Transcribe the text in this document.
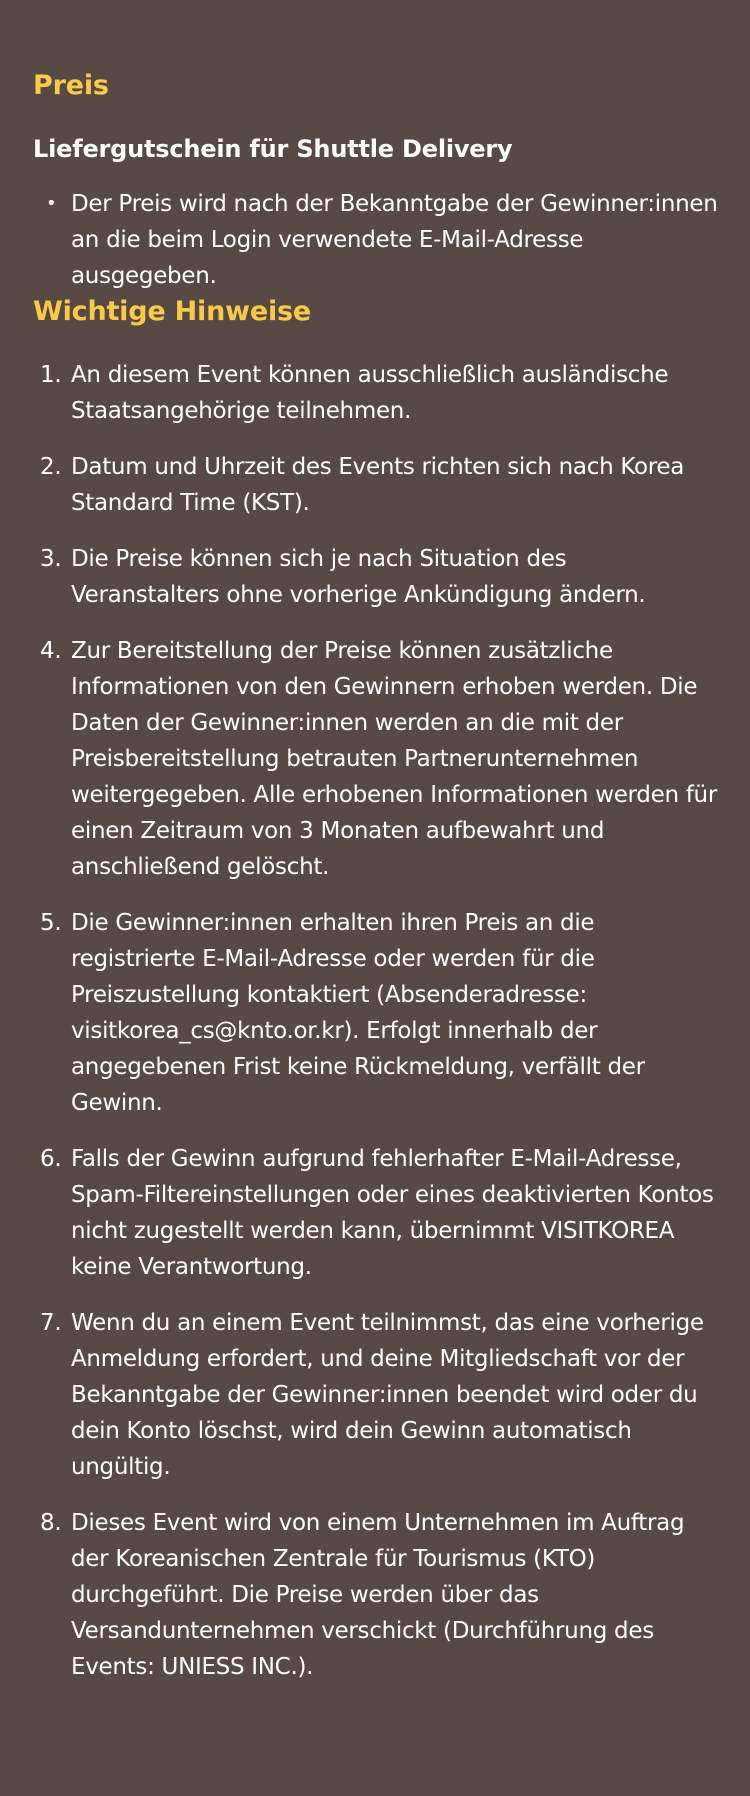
Preis
Liefergutschein für Shuttle Delivery
• Der Preis wird nach der Bekanntgabe der Gewinner:innen an die beim Login verwendete E-Mail-Adresse ausgegeben.
Wichtige Hinweise
1. An diesem Event können ausschließlich ausländische Staatsangehörige teilnehmen.
2. Datum und Uhrzeit des Events richten sich nach Korea Standard Time (KST).
3. Die Preise können sich je nach Situation des Veranstalters ohne vorherige Ankündigung ändern.
4. Zur Bereitstellung der Preise können zusätzliche Informationen von den Gewinnern erhoben werden. Die Daten der Gewinner:innen werden an die mit der Preisbereitstellung betrauten Partnerunternehmen weitergegeben. Alle erhobenen Informationen werden für einen Zeitraum von 3 Monaten aufbewahrt und anschließend gelöscht.
5. Die Gewinner:innen erhalten ihren Preis an die registrierte E-Mail-Adresse oder werden für die Preiszustellung kontaktiert (Absenderadresse: visitkorea_cs@knto.or.kr). Erfolgt innerhalb der angegebenen Frist keine Rückmeldung, verfällt der Gewinn.
6. Falls der Gewinn aufgrund fehlerhafter E-Mail-Adresse, Spam-Filtereinstellungen oder eines deaktivierten Kontos nicht zugestellt werden kann, übernimmt VISITKOREA keine Verantwortung.
7. Wenn du an einem Event teilnimmst, das eine vorherige Anmeldung erfordert, und deine Mitgliedschaft vor der Bekanntgabe der Gewinner:innen beendet wird oder du dein Konto löschst, wird dein Gewinn automatisch ungültig.
8. Dieses Event wird von einem Unternehmen im Auftrag der Koreanischen Zentrale für Tourismus (KTO) durchgeführt. Die Preise werden über das Versandunternehmen verschickt (Durchführung des Events: UNIESS INC.).
